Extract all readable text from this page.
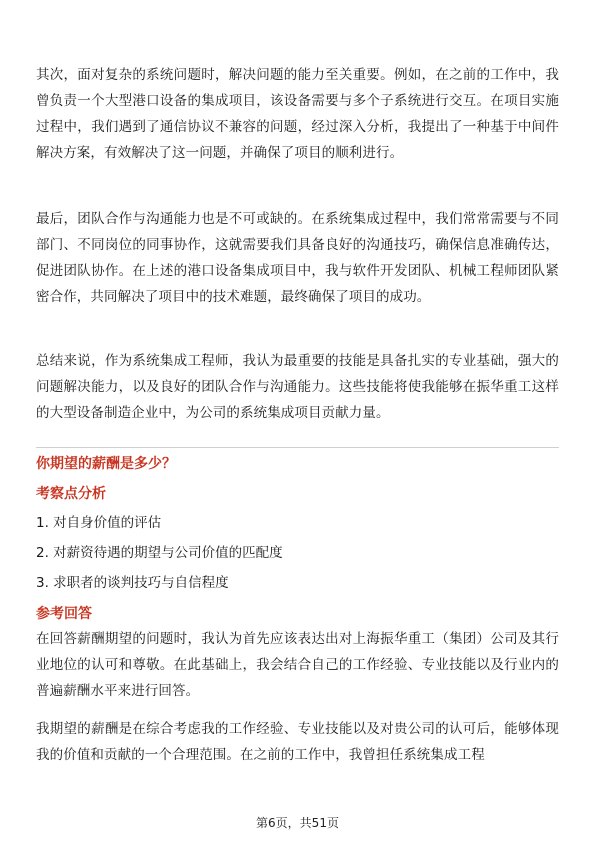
其次，面对复杂的系统问题时，解决问题的能力至关重要。例如，在之前的工作中，我曾负责一个大型港口设备的集成项目，该设备需要与多个子系统进行交互。在项目实施过程中，我们遇到了通信协议不兼容的问题，经过深入分析，我提出了一种基于中间件解决方案，有效解决了这一问题，并确保了项目的顺利进行。

最后，团队合作与沟通能力也是不可或缺的。在系统集成过程中，我们常常需要与不同部门、不同岗位的同事协作，这就需要我们具备良好的沟通技巧，确保信息准确传达，促进团队协作。在上述的港口设备集成项目中，我与软件开发团队、机械工程师团队紧密合作，共同解决了项目中的技术难题，最终确保了项目的成功。

总结来说，作为系统集成工程师，我认为最重要的技能是具备扎实的专业基础，强大的问题解决能力，以及良好的团队合作与沟通能力。这些技能将使我能够在振华重工这样的大型设备制造企业中，为公司的系统集成项目贡献力量。

你期望的薪酬是多少？

考察点分析

1. 对自身价值的评估
2. 对薪资待遇的期望与公司价值的匹配度
3. 求职者的谈判技巧与自信程度

参考回答

在回答薪酬期望的问题时，我认为首先应该表达出对上海振华重工（集团）公司及其行业地位的认可和尊敬。在此基础上，我会结合自己的工作经验、专业技能以及行业内的普遍薪酬水平来进行回答。

我期望的薪酬是在综合考虑我的工作经验、专业技能以及对贵公司的认可后，能够体现我的价值和贡献的一个合理范围。在之前的工作中，我曾担任系统集成工程

第6页，共51页
